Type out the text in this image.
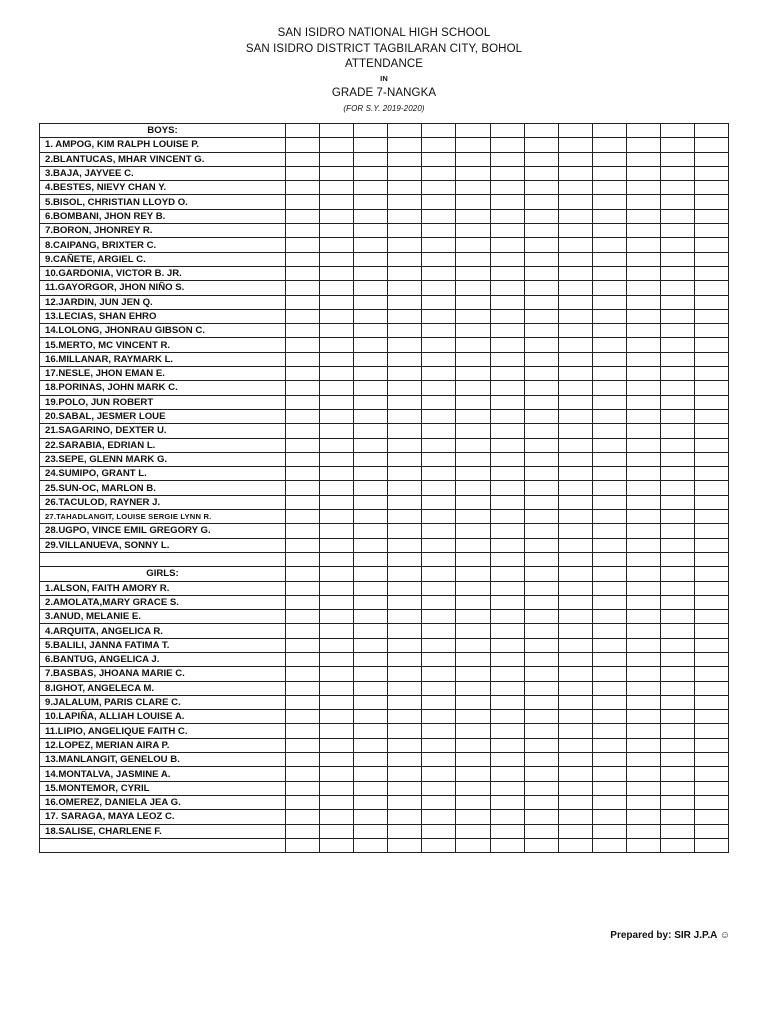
SAN ISIDRO NATIONAL HIGH SCHOOL
SAN ISIDRO DISTRICT TAGBILARAN CITY, BOHOL
ATTENDANCE
IN
GRADE 7-NANGKA
(FOR S.Y. 2019-2020)
BOYS:													
1. AMPOG, KIM RALPH LOUISE P.													
2.BLANTUCAS, MHAR VINCENT G.													
3.BAJA, JAYVEE C.													
4.BESTES, NIEVY CHAN Y.													
5.BISOL, CHRISTIAN LLOYD O.													
6.BOMBANI, JHON REY B.													
7.BORON, JHONREY R.													
8.CAIPANG, BRIXTER C.													
9.CAÑETE, ARGIEL C.													
10.GARDONIA, VICTOR B. JR.													
11.GAYORGOR, JHON NIÑO S.													
12.JARDIN, JUN JEN Q.													
13.LECIAS, SHAN EHRO													
14.LOLONG, JHONRAU GIBSON C.													
15.MERTO, MC VINCENT R.													
16.MILLANAR, RAYMARK L.													
17.NESLE, JHON EMAN E.													
18.PORINAS, JOHN MARK C.													
19.POLO, JUN ROBERT													
20.SABAL, JESMER LOUE													
21.SAGARINO, DEXTER U.													
22.SARABIA, EDRIAN L.													
23.SEPE, GLENN MARK G.													
24.SUMIPO, GRANT L.													
25.SUN-OC, MARLON B.													
26.TACULOD, RAYNER J.													
27.TAHADLANGIT, LOUISE SERGIE LYNN R.													
28.UGPO, VINCE EMIL GREGORY G.													
29.VILLANUEVA, SONNY L.													

GIRLS:													
1.ALSON, FAITH AMORY R.													
2.AMOLATA,MARY GRACE S.													
3.ANUD, MELANIE E.													
4.ARQUITA, ANGELICA R.													
5.BALILI, JANNA FATIMA T.													
6.BANTUG, ANGELICA J.													
7.BASBAS, JHOANA MARIE C.													
8.IGHOT, ANGELECA M.													
9.JALALUM, PARIS CLARE C.													
10.LAPIÑA, ALLIAH LOUISE A.													
11.LIPIO, ANGELIQUE FAITH C.													
12.LOPEZ, MERIAN AIRA P.													
13.MANLANGIT, GENELOU B.													
14.MONTALVA, JASMINE A.													
15.MONTEMOR, CYRIL													
16.OMEREZ, DANIELA JEA G.													
17. SARAGA, MAYA LEOZ C.													
18.SALISE, CHARLENE F.													

Prepared by: SIR J.P.A ☺
